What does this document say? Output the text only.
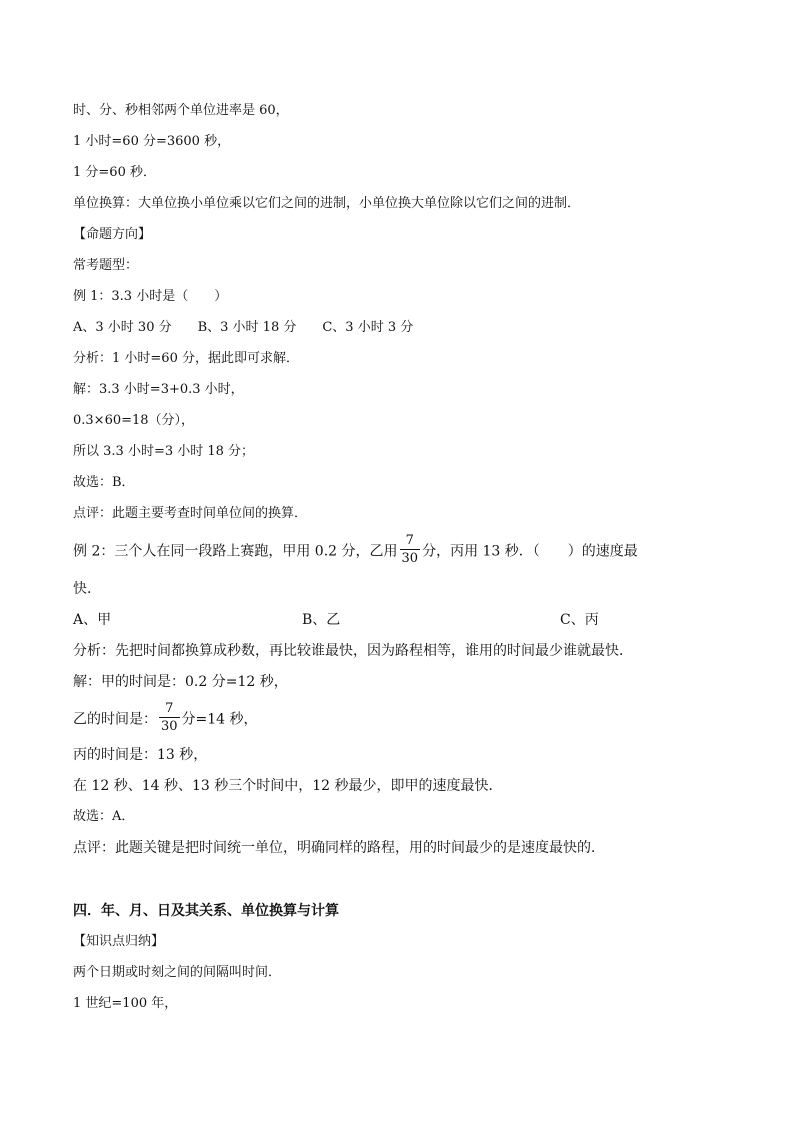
时、分、秒相邻两个单位进率是 60，
1 小时=60 分=3600 秒，
1 分=60 秒．
单位换算：大单位换小单位乘以它们之间的进制，小单位换大单位除以它们之间的进制．
【命题方向】
常考题型：
例 1：3.3 小时是（　　）
A、3 小时 30 分　　B、3 小时 18 分　　C、3 小时 3 分
分析：1 小时=60 分，据此即可求解．
解：3.3 小时=3+0.3 小时，
0.3×60=18（分），
所以 3.3 小时=3 小时 18 分；
故选：B．
点评：此题主要考查时间单位间的换算．
例 2：三个人在同一段路上赛跑，甲用 0.2 分，乙用 $\frac{7}{30}$ 分，丙用 13 秒．（　　）的速度最
快．
A、甲	B、乙	C、丙
分析：先把时间都换算成秒数，再比较谁最快，因为路程相等，谁用的时间最少谁就最快．
解：甲的时间是：0.2 分=12 秒，
乙的时间是： $\frac{7}{30}$ 分=14 秒，
丙的时间是：13 秒，
在 12 秒、14 秒、13 秒三个时间中，12 秒最少，即甲的速度最快．
故选：A．
点评：此题关键是把时间统一单位，明确同样的路程，用的时间最少的是速度最快的．
四．年、月、日及其关系、单位换算与计算
【知识点归纳】
两个日期或时刻之间的间隔叫时间．
1 世纪=100 年，
